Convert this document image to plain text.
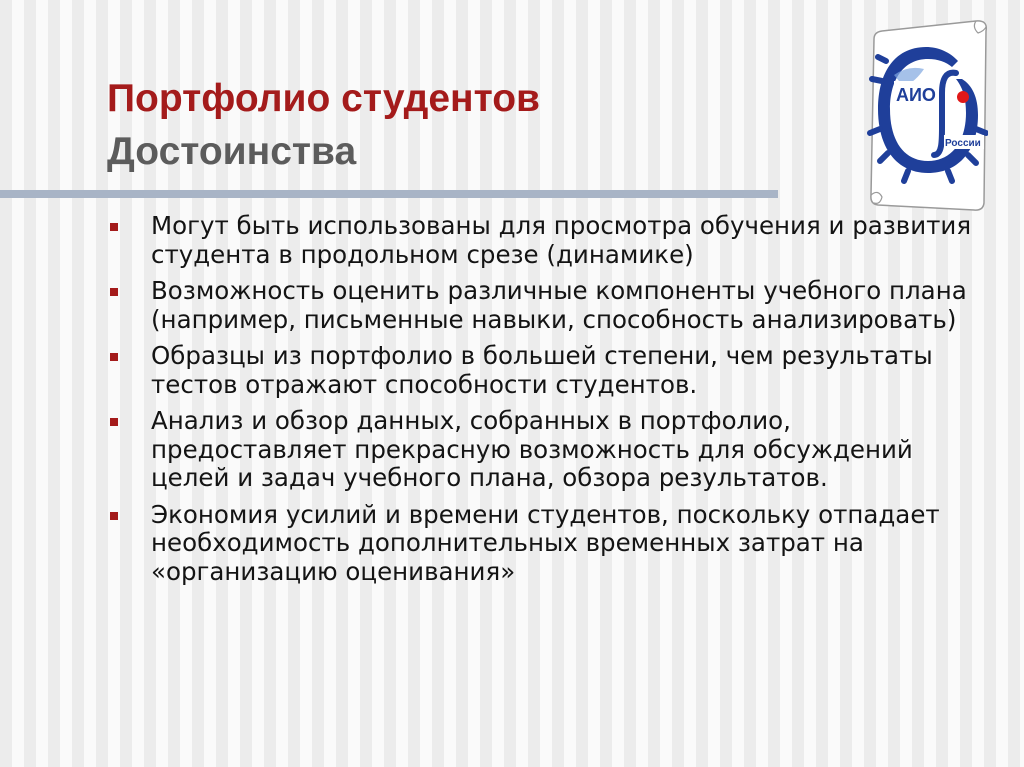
Портфолио студентов
Достоинства
АИО
России
Могут быть использованы для просмотра обучения и развития студента в продольном срезе (динамике)
Возможность оценить различные компоненты учебного плана (например, письменные навыки, способность анализировать)
Образцы из портфолио в большей степени, чем результаты тестов отражают способности студентов.
Анализ и обзор данных, собранных в портфолио, предоставляет прекрасную возможность для обсуждений целей и задач учебного плана, обзора результатов.
Экономия усилий и времени студентов, поскольку отпадает необходимость дополнительных временных затрат на «организацию оценивания»
